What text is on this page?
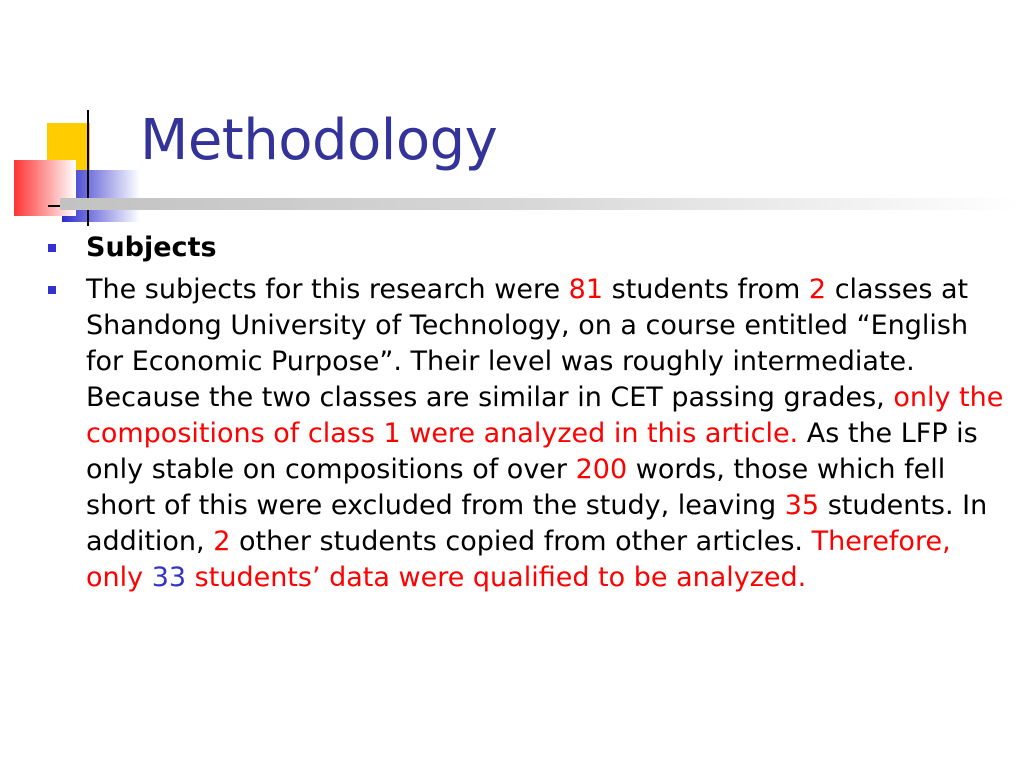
Methodology
Subjects
The subjects for this research were 81 students from 2 classes at Shandong University of Technology, on a course entitled “English for Economic Purpose”. Their level was roughly intermediate. Because the two classes are similar in CET passing grades, only the compositions of class 1 were analyzed in this article. As the LFP is only stable on compositions of over 200 words, those which fell short of this were excluded from the study, leaving 35 students. In addition, 2 other students copied from other articles. Therefore, only 33 students’ data were qualified to be analyzed.
